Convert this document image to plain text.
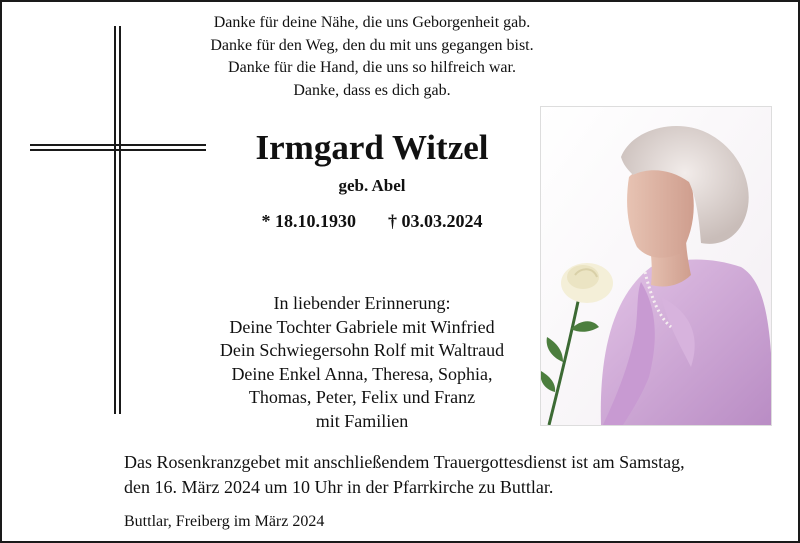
Danke für deine Nähe, die uns Geborgenheit gab.
Danke für den Weg, den du mit uns gegangen bist.
Danke für die Hand, die uns so hilfreich war.
Danke, dass es dich gab.
Irmgard Witzel
geb. Abel
* 18.10.1930 † 03.03.2024
In liebender Erinnerung:
Deine Tochter Gabriele mit Winfried
Dein Schwiegersohn Rolf mit Waltraud
Deine Enkel Anna, Theresa, Sophia,
Thomas, Peter, Felix und Franz
mit Familien
Das Rosenkranzgebet mit anschließendem Trauergottesdienst ist am Samstag,
den 16. März 2024 um 10 Uhr in der Pfarrkirche zu Buttlar.
Buttlar, Freiberg im März 2024
